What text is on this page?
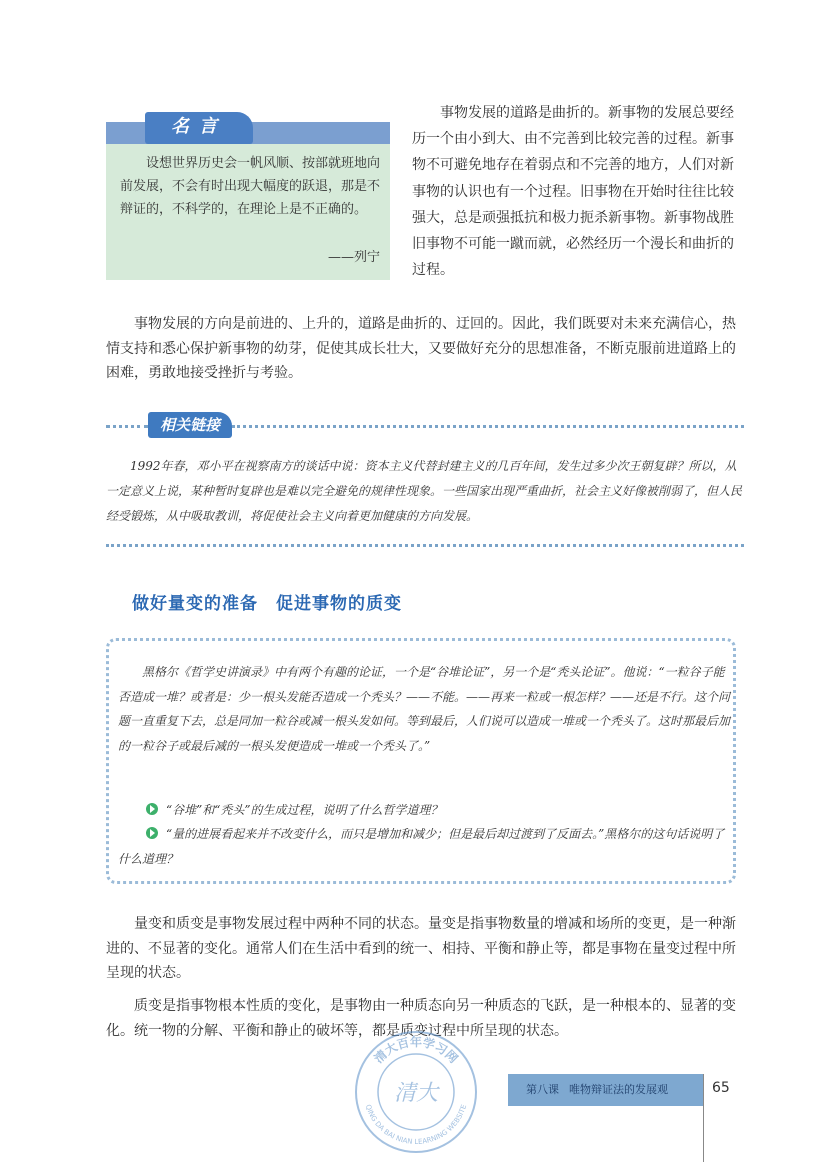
名言

设想世界历史会一帆风顺、按部就班地向前发展，不会有时出现大幅度的跃退，那是不辩证的，不科学的，在理论上是不正确的。

——列宁

事物发展的道路是曲折的。新事物的发展总要经历一个由小到大、由不完善到比较完善的过程。新事物不可避免地存在着弱点和不完善的地方，人们对新事物的认识也有一个过程。旧事物在开始时往往比较强大，总是顽强抵抗和极力扼杀新事物。新事物战胜旧事物不可能一蹴而就，必然经历一个漫长和曲折的过程。

事物发展的方向是前进的、上升的，道路是曲折的、迂回的。因此，我们既要对未来充满信心，热情支持和悉心保护新事物的幼芽，促使其成长壮大，又要做好充分的思想准备，不断克服前进道路上的困难，勇敢地接受挫折与考验。

相关链接

1992年春，邓小平在视察南方的谈话中说：资本主义代替封建主义的几百年间，发生过多少次王朝复辟？所以，从一定意义上说，某种暂时复辟也是难以完全避免的规律性现象。一些国家出现严重曲折，社会主义好像被削弱了，但人民经受锻炼，从中吸取教训，将促使社会主义向着更加健康的方向发展。

做好量变的准备　促进事物的质变

黑格尔《哲学史讲演录》中有两个有趣的论证，一个是“谷堆论证”，另一个是“秃头论证”。他说：“一粒谷子能否造成一堆？或者是：少一根头发能否造成一个秃头？——不能。——再来一粒或一根怎样？——还是不行。这个问题一直重复下去，总是同加一粒谷或减一根头发如何。等到最后，人们说可以造成一堆或一个秃头了。这时那最后加的一粒谷子或最后减的一根头发便造成一堆或一个秃头了。”

“谷堆”和“秃头”的生成过程，说明了什么哲学道理？
“量的进展看起来并不改变什么，而只是增加和减少；但是最后却过渡到了反面去。”黑格尔的这句话说明了什么道理？

量变和质变是事物发展过程中两种不同的状态。量变是指事物数量的增减和场所的变更，是一种渐进的、不显著的变化。通常人们在生活中看到的统一、相持、平衡和静止等，都是事物在量变过程中所呈现的状态。

质变是指事物根本性质的变化，是事物由一种质态向另一种质态的飞跃，是一种根本的、显著的变化。统一物的分解、平衡和静止的破坏等，都是质变过程中所呈现的状态。

第八课 唯物辩证法的发展观	65
清大百年学习网
QING DA BAI NIAN LEARNING WEBSITE
清大
